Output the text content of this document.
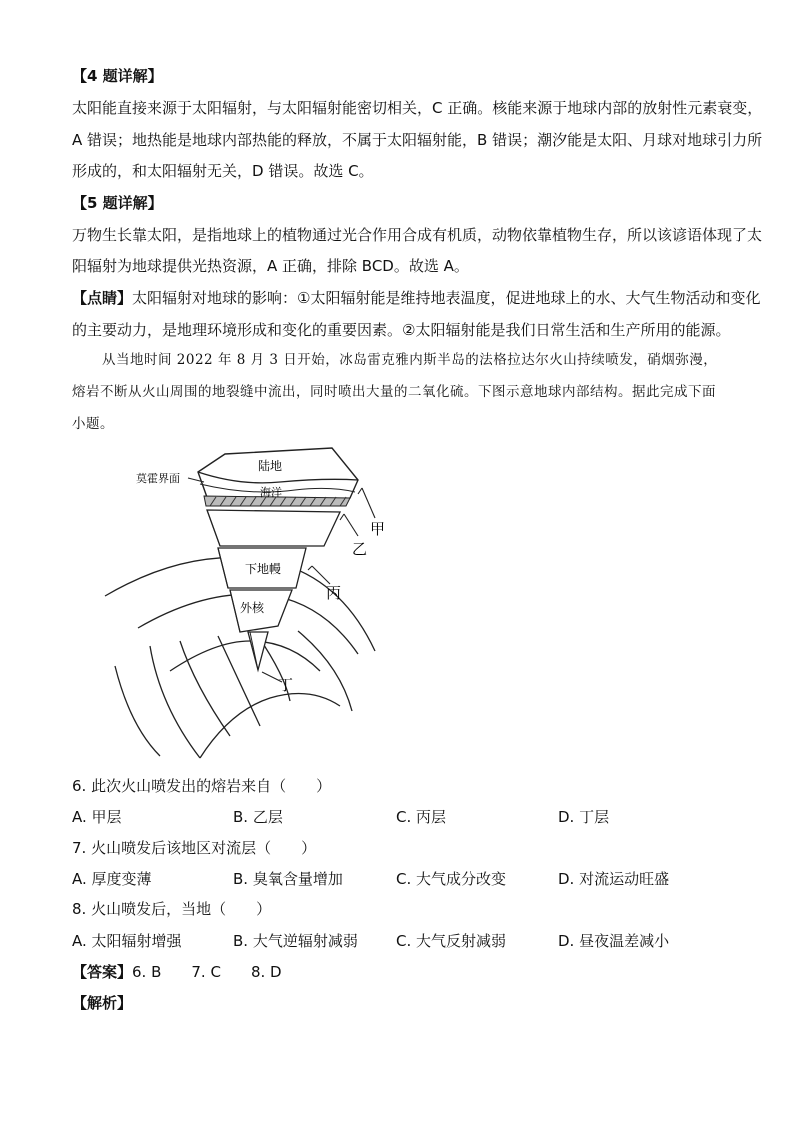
【4 题详解】
太阳能直接来源于太阳辐射，与太阳辐射能密切相关，C 正确。核能来源于地球内部的放射性元素衰变，
A 错误；地热能是地球内部热能的释放，不属于太阳辐射能，B 错误；潮汐能是太阳、月球对地球引力所
形成的，和太阳辐射无关，D 错误。故选 C。
【5 题详解】
万物生长靠太阳，是指地球上的植物通过光合作用合成有机质，动物依靠植物生存，所以该谚语体现了太
阳辐射为地球提供光热资源，A 正确，排除 BCD。故选 A。
【点睛】太阳辐射对地球的影响：①太阳辐射能是维持地表温度，促进地球上的水、大气生物活动和变化
的主要动力，是地理环境形成和变化的重要因素。②太阳辐射能是我们日常生活和生产所用的能源。
从当地时间 2022 年 8 月 3 日开始，冰岛雷克雅内斯半岛的法格拉达尔火山持续喷发，硝烟弥漫，熔岩不断从火山周围的地裂缝中流出，同时喷出大量的二氧化硫。下图示意地球内部结构。据此完成下面小题。
莫霍界面
陆地
海洋
下地幔
外核
甲
乙
丙
丁
6. 此次火山喷发出的熔岩来自（　　）
A. 甲层	B. 乙层	C. 丙层	D. 丁层
7. 火山喷发后该地区对流层（　　）
A. 厚度变薄	B. 臭氧含量增加	C. 大气成分改变	D. 对流运动旺盛
8. 火山喷发后，当地（　　）
A. 太阳辐射增强	B. 大气逆辐射减弱	C. 大气反射减弱	D. 昼夜温差减小
【答案】6. B　　7. C　　8. D
【解析】
